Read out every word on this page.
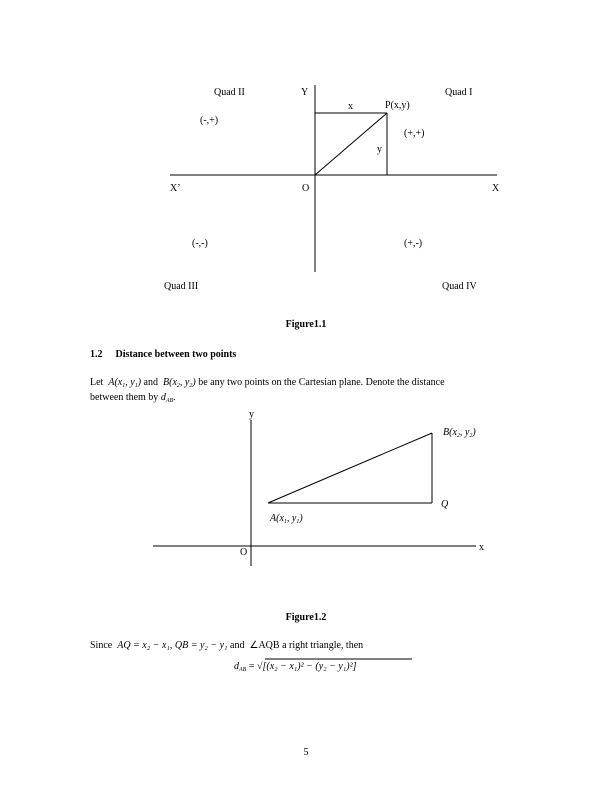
Quad II	Y
x	P(x,y)
Quad I
(-,+)
(+,+)
y
X’	O	X
(-,-)	(+,-)
Quad III	Quad IV
Figure1.1
1.2 Distance between two points
Let $A(x_1$, $y_1$) and $B(x_2$, $y_2$) be any two points on the Cartesian plane. Denote the distance
between them by $d_{AB}$.
y
$B(x_2$, $y_2$)
Q
$A(x_1$, $y_1$)
O	x
Figure1.2
Since AQ = x₂ − x₁, QB = y₂ − y₁ and ∠AQB a right triangle, then
$d_{AB} = √[(x_2 - x_1)^2 - (y_2 - y_1)^2]$
5
